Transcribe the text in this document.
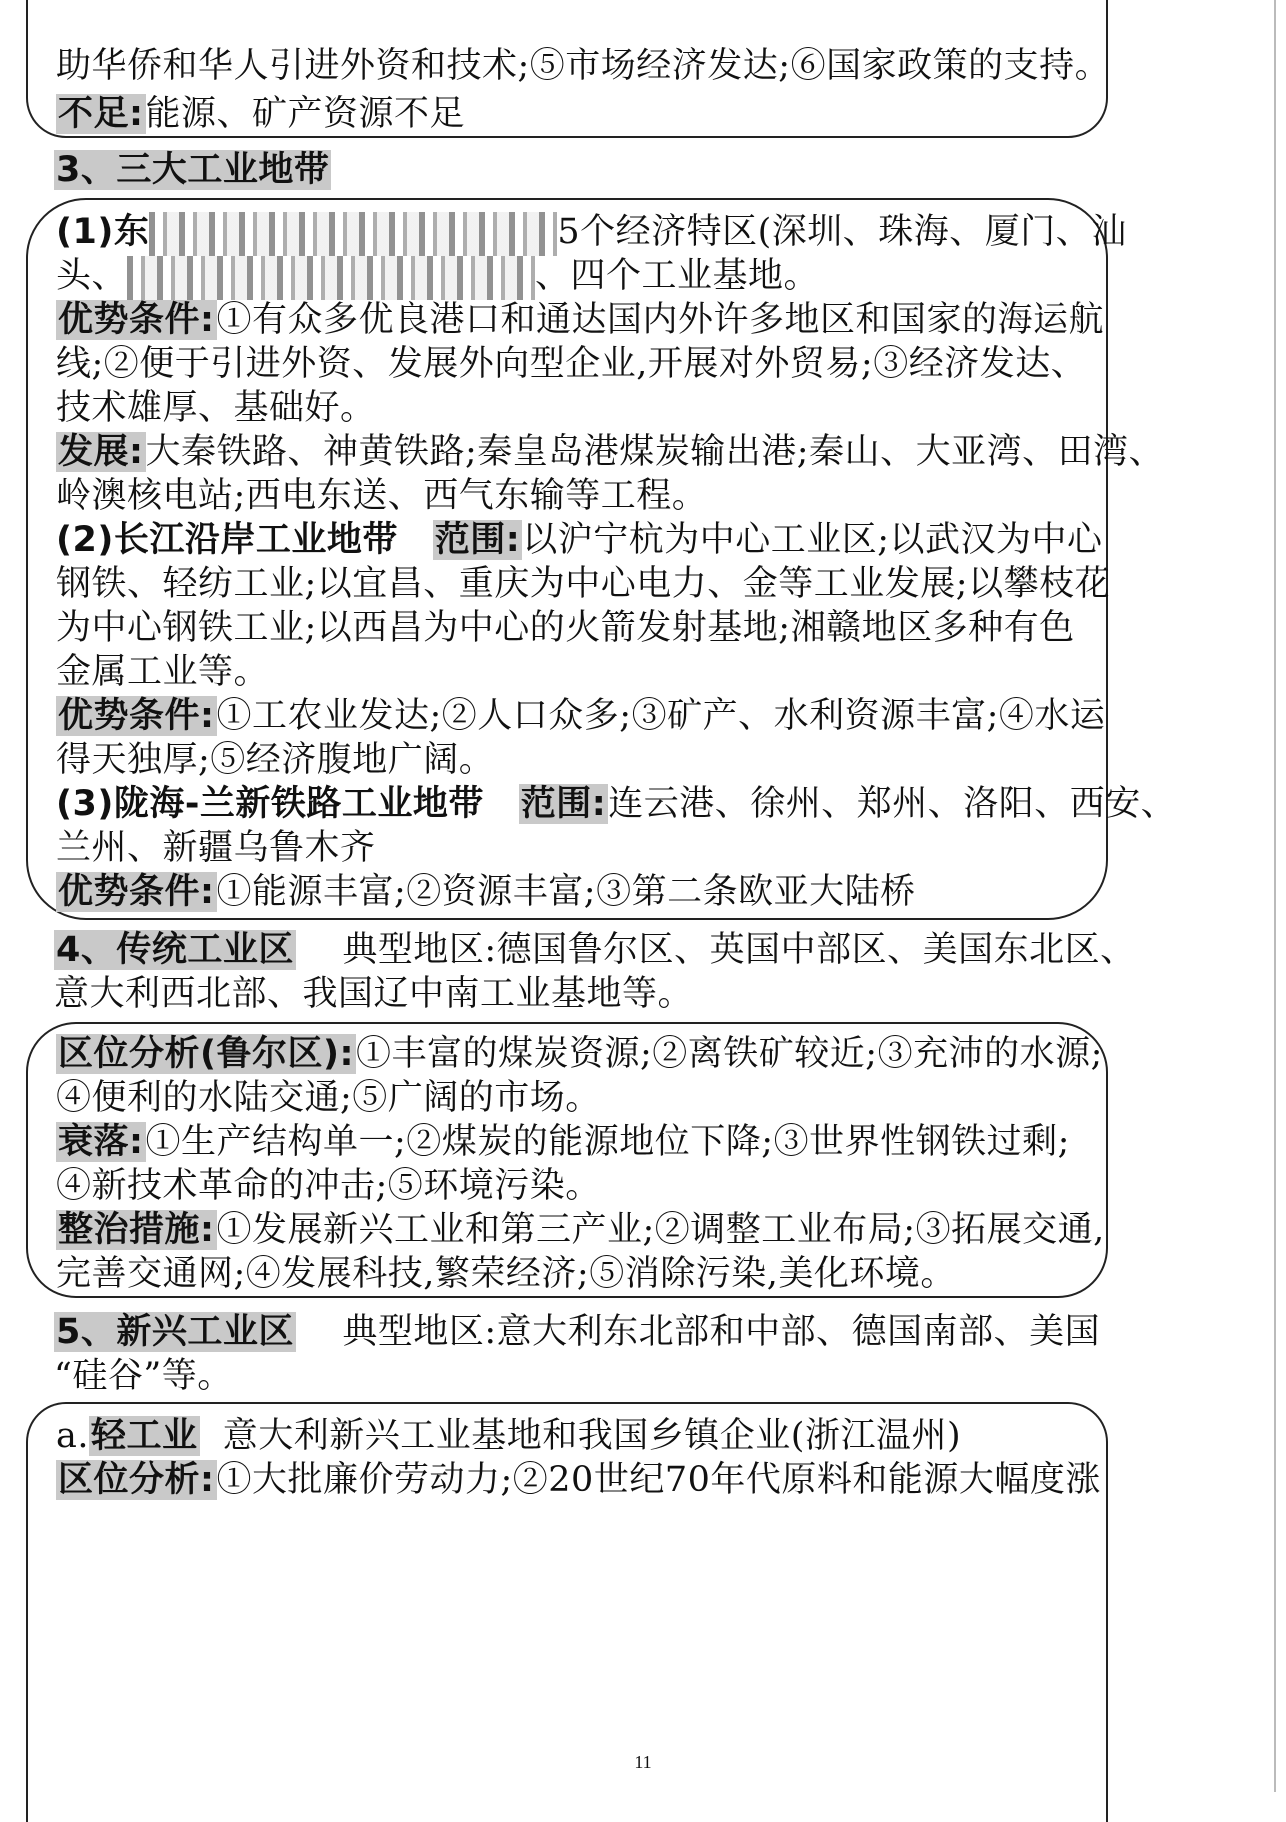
助华侨和华人引进外资和技术;⑤市场经济发达;⑥国家政策的支持。
不足:能源、矿产资源不足
3、三大工业地带
(1)东	5个经济特区(深圳、珠海、厦门、汕
头、	、四个工业基地。
优势条件:①有众多优良港口和通达国内外许多地区和国家的海运航
线;②便于引进外资、发展外向型企业,开展对外贸易;③经济发达、
技术雄厚、基础好。
发展:大秦铁路、神黄铁路;秦皇岛港煤炭输出港;秦山、大亚湾、田湾、
岭澳核电站;西电东送、西气东输等工程。
(2)长江沿岸工业地带 范围:以沪宁杭为中心工业区;以武汉为中心
钢铁、轻纺工业;以宜昌、重庆为中心电力、金等工业发展;以攀枝花
为中心钢铁工业;以西昌为中心的火箭发射基地;湘赣地区多种有色
金属工业等。
优势条件:①工农业发达;②人口众多;③矿产、水利资源丰富;④水运
得天独厚;⑤经济腹地广阔。
(3)陇海-兰新铁路工业地带 范围:连云港、徐州、郑州、洛阳、西安、
兰州、新疆乌鲁木齐
优势条件:①能源丰富;②资源丰富;③第二条欧亚大陆桥
4、传统工业区 典型地区:德国鲁尔区、英国中部区、美国东北区、
意大利西北部、我国辽中南工业基地等。
区位分析(鲁尔区):①丰富的煤炭资源;②离铁矿较近;③充沛的水源;
④便利的水陆交通;⑤广阔的市场。
衰落:①生产结构单一;②煤炭的能源地位下降;③世界性钢铁过剩;
④新技术革命的冲击;⑤环境污染。
整治措施:①发展新兴工业和第三产业;②调整工业布局;③拓展交通,
完善交通网;④发展科技,繁荣经济;⑤消除污染,美化环境。
5、新兴工业区 典型地区:意大利东北部和中部、德国南部、美国
“硅谷”等。
a.轻工业 意大利新兴工业基地和我国乡镇企业(浙江温州)
区位分析:①大批廉价劳动力;②20世纪70年代原料和能源大幅度涨
11
